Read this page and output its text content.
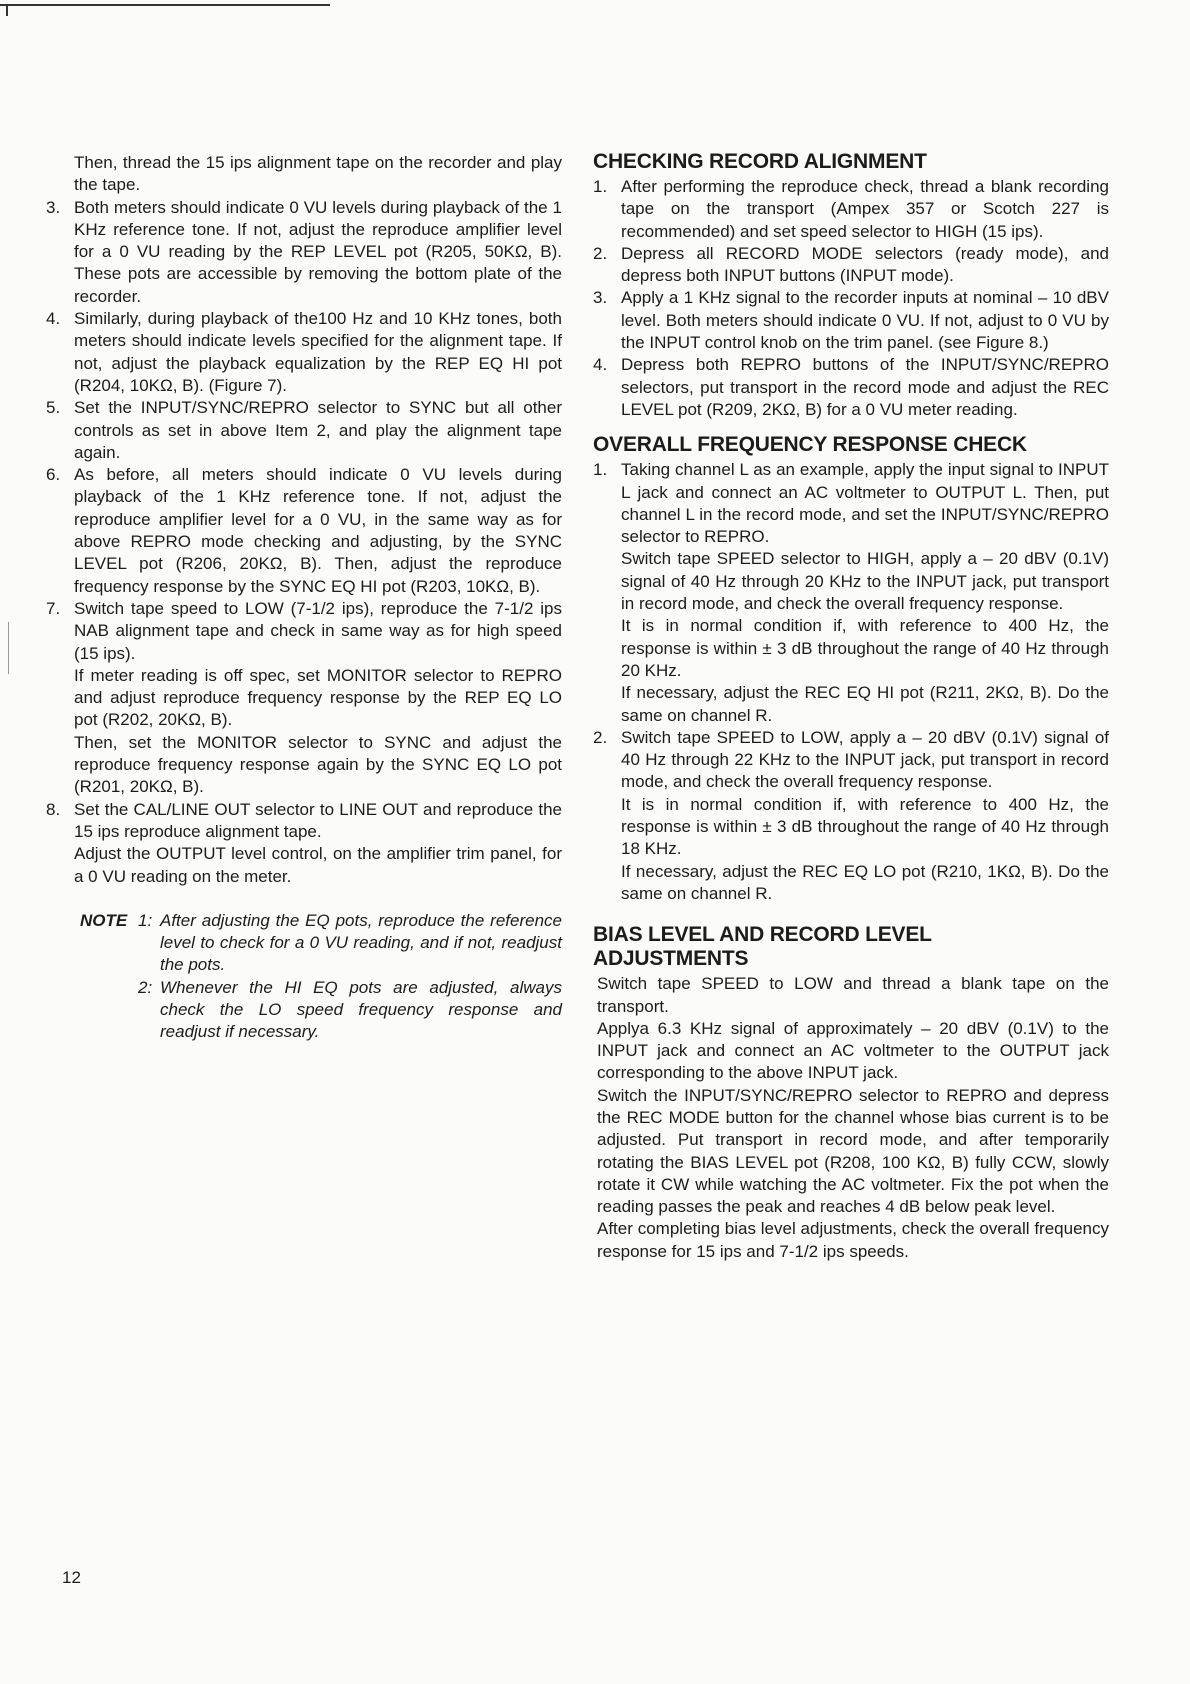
Then, thread the 15 ips alignment tape on the recorder and play the tape.

3. Both meters should indicate 0 VU levels during playback of the 1 KHz reference tone. If not, adjust the reproduce amplifier level for a 0 VU reading by the REP LEVEL pot (R205, 50KΩ, B). These pots are accessible by removing the bottom plate of the recorder.

4. Similarly, during playback of the100 Hz and 10 KHz tones, both meters should indicate levels specified for the alignment tape. If not, adjust the playback equalization by the REP EQ HI pot (R204, 10KΩ, B). (Figure 7).

5. Set the INPUT/SYNC/REPRO selector to SYNC but all other controls as set in above Item 2, and play the alignment tape again.

6. As before, all meters should indicate 0 VU levels during playback of the 1 KHz reference tone. If not, adjust the reproduce amplifier level for a 0 VU, in the same way as for above REPRO mode checking and adjusting, by the SYNC LEVEL pot (R206, 20KΩ, B). Then, adjust the reproduce frequency response by the SYNC EQ HI pot (R203, 10KΩ, B).

7. Switch tape speed to LOW (7-1/2 ips), reproduce the 7-1/2 ips NAB alignment tape and check in same way as for high speed (15 ips).

If meter reading is off spec, set MONITOR selector to REPRO and adjust reproduce frequency response by the REP EQ LO pot (R202, 20KΩ, B).

Then, set the MONITOR selector to SYNC and adjust the reproduce frequency response again by the SYNC EQ LO pot (R201, 20KΩ, B).

8. Set the CAL/LINE OUT selector to LINE OUT and reproduce the 15 ips reproduce alignment tape.

Adjust the OUTPUT level control, on the amplifier trim panel, for a 0 VU reading on the meter.

NOTE 1: After adjusting the EQ pots, reproduce the reference level to check for a 0 VU reading, and if not, readjust the pots.
2: Whenever the HI EQ pots are adjusted, always check the LO speed frequency response and readjust if necessary.
CHECKING RECORD ALIGNMENT
1. After performing the reproduce check, thread a blank recording tape on the transport (Ampex 357 or Scotch 227 is recommended) and set speed selector to HIGH (15 ips).

2. Depress all RECORD MODE selectors (ready mode), and depress both INPUT buttons (INPUT mode).

3. Apply a 1 KHz signal to the recorder inputs at nominal – 10 dBV level. Both meters should indicate 0 VU. If not, adjust to 0 VU by the INPUT control knob on the trim panel. (see Figure 8.)

4. Depress both REPRO buttons of the INPUT/SYNC/REPRO selectors, put transport in the record mode and adjust the REC LEVEL pot (R209, 2KΩ, B) for a 0 VU meter reading.

OVERALL FREQUENCY RESPONSE CHECK
1. Taking channel L as an example, apply the input signal to INPUT L jack and connect an AC voltmeter to OUTPUT L. Then, put channel L in the record mode, and set the INPUT/SYNC/REPRO selector to REPRO.

Switch tape SPEED selector to HIGH, apply a – 20 dBV (0.1V) signal of 40 Hz through 20 KHz to the INPUT jack, put transport in record mode, and check the overall frequency response.

It is in normal condition if, with reference to 400 Hz, the response is within ± 3 dB throughout the range of 40 Hz through 20 KHz.

If necessary, adjust the REC EQ HI pot (R211, 2KΩ, B). Do the same on channel R.

2. Switch tape SPEED to LOW, apply a – 20 dBV (0.1V) signal of 40 Hz through 22 KHz to the INPUT jack, put transport in record mode, and check the overall frequency response.

It is in normal condition if, with reference to 400 Hz, the response is within ± 3 dB throughout the range of 40 Hz through 18 KHz.

If necessary, adjust the REC EQ LO pot (R210, 1KΩ, B). Do the same on channel R.

BIAS LEVEL AND RECORD LEVEL
ADJUSTMENTS

Switch tape SPEED to LOW and thread a blank tape on the transport.

Applya 6.3 KHz signal of approximately – 20 dBV (0.1V) to the INPUT jack and connect an AC voltmeter to the OUTPUT jack corresponding to the above INPUT jack.

Switch the INPUT/SYNC/REPRO selector to REPRO and depress the REC MODE button for the channel whose bias current is to be adjusted. Put transport in record mode, and after temporarily rotating the BIAS LEVEL pot (R208, 100 KΩ, B) fully CCW, slowly rotate it CW while watching the AC voltmeter. Fix the pot when the reading passes the peak and reaches 4 dB below peak level.

After completing bias level adjustments, check the overall frequency response for 15 ips and 7-1/2 ips speeds.

12
